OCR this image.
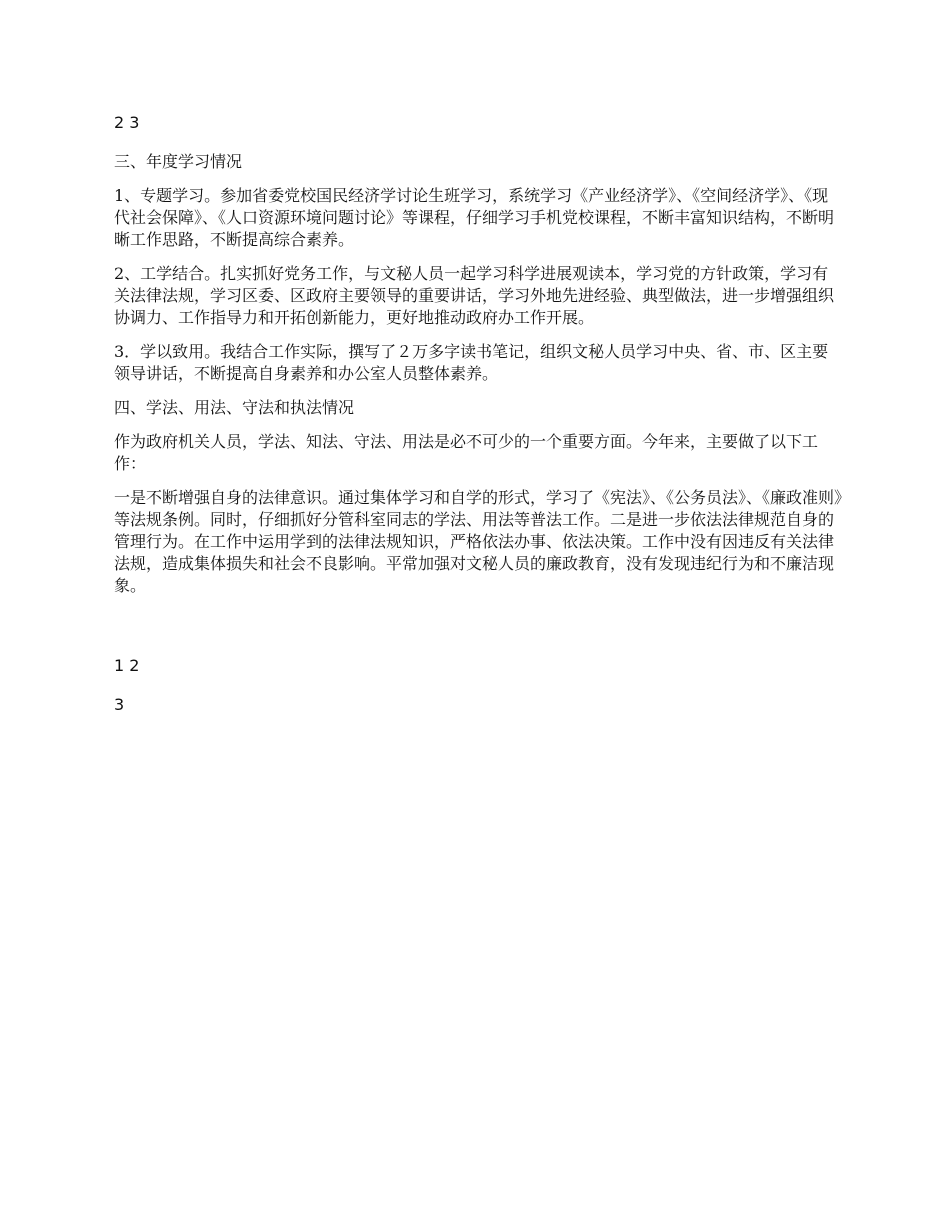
2 3

三、年度学习情况

1、专题学习。参加省委党校国民经济学讨论生班学习，系统学习《产业经济学》、《空间经济学》、《现代社会保障》、《人口资源环境问题讨论》等课程，仔细学习手机党校课程，不断丰富知识结构，不断明晰工作思路，不断提高综合素养。

2、工学结合。扎实抓好党务工作，与文秘人员一起学习科学进展观读本，学习党的方针政策，学习有关法律法规，学习区委、区政府主要领导的重要讲话，学习外地先进经验、典型做法，进一步增强组织协调力、工作指导力和开拓创新能力，更好地推动政府办工作开展。

3．学以致用。我结合工作实际，撰写了２万多字读书笔记，组织文秘人员学习中央、省、市、区主要领导讲话，不断提高自身素养和办公室人员整体素养。

四、学法、用法、守法和执法情况

作为政府机关人员，学法、知法、守法、用法是必不可少的一个重要方面。今年来，主要做了以下工作：

一是不断增强自身的法律意识。通过集体学习和自学的形式，学习了《宪法》、《公务员法》、《廉政准则》等法规条例。同时，仔细抓好分管科室同志的学法、用法等普法工作。二是进一步依法法律规范自身的管理行为。在工作中运用学到的法律法规知识，严格依法办事、依法决策。工作中没有因违反有关法律法规，造成集体损失和社会不良影响。平常加强对文秘人员的廉政教育，没有发现违纪行为和不廉洁现象。

1 2

3
